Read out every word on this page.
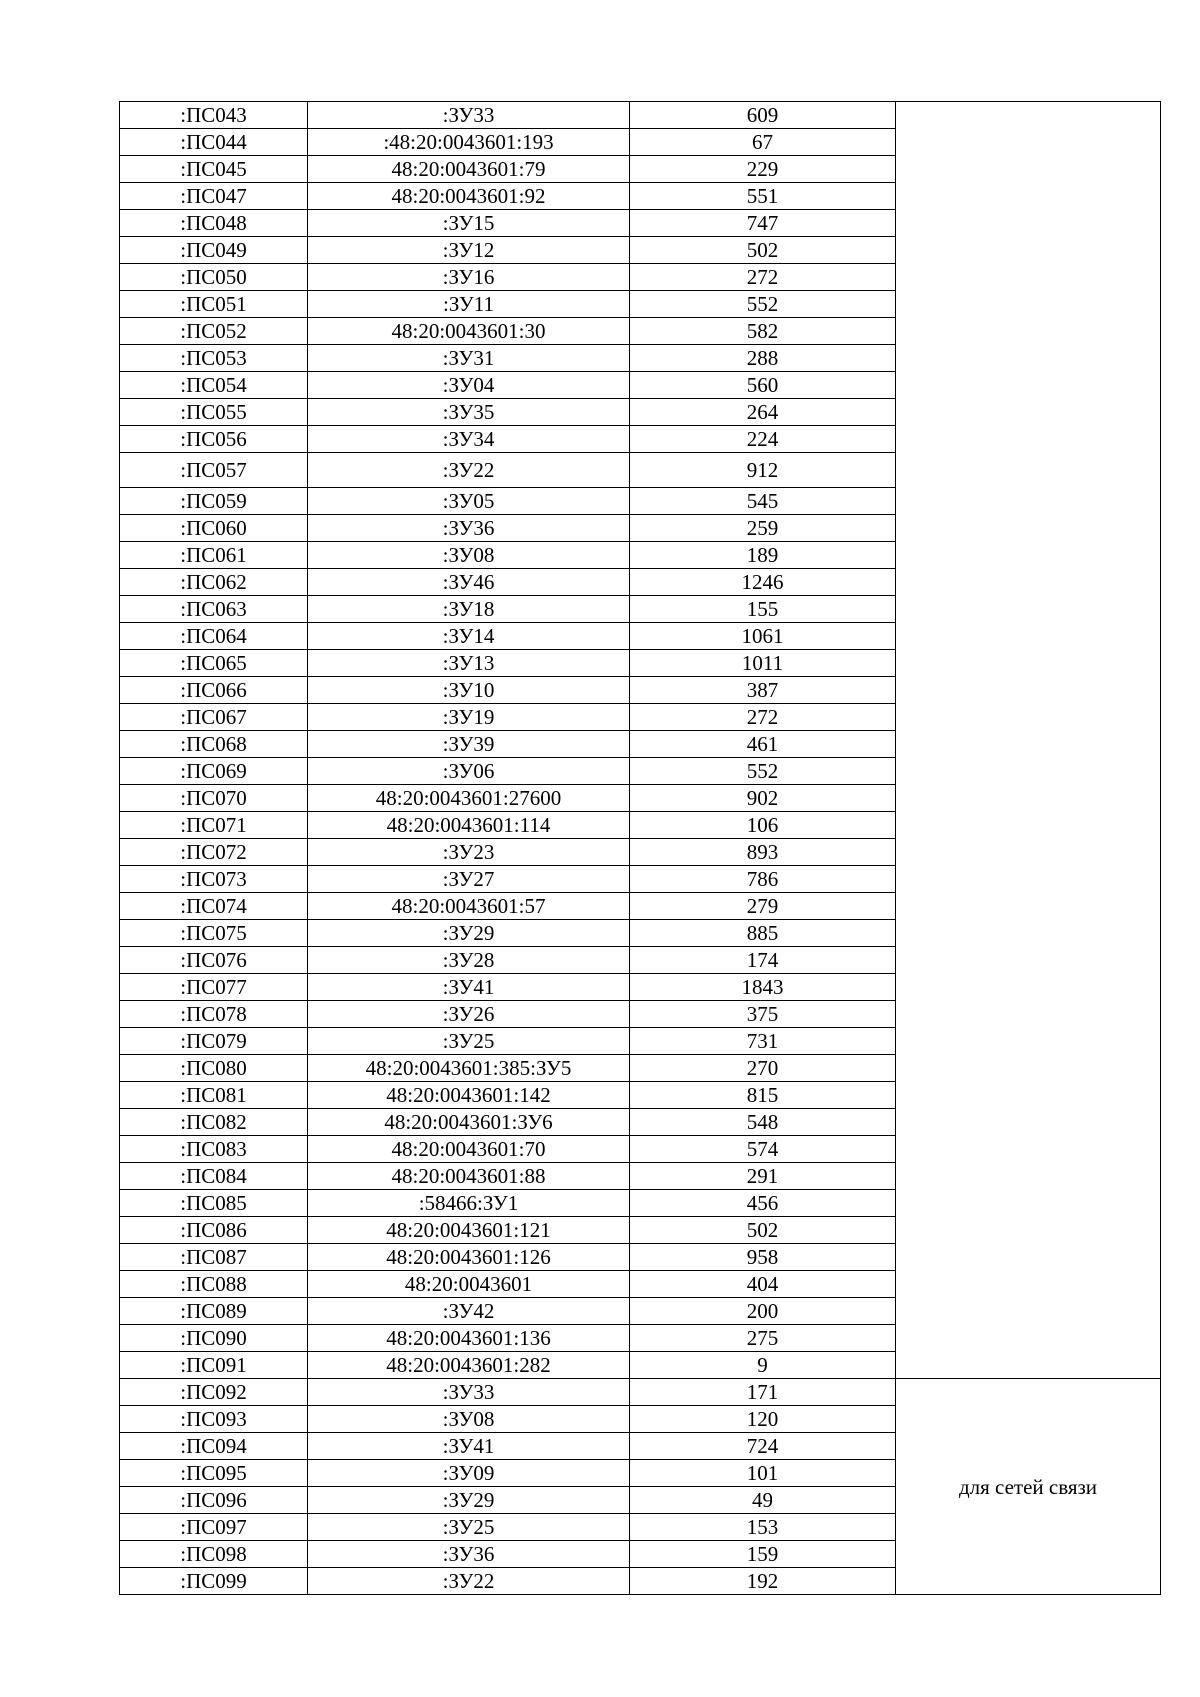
:ПС043	:ЗУ33	609	
:ПС044	:48:20:0043601:193	67	
:ПС045	48:20:0043601:79	229	
:ПС047	48:20:0043601:92	551	
:ПС048	:ЗУ15	747	
:ПС049	:ЗУ12	502	
:ПС050	:ЗУ16	272	
:ПС051	:ЗУ11	552	
:ПС052	48:20:0043601:30	582	
:ПС053	:ЗУ31	288	
:ПС054	:ЗУ04	560	
:ПС055	:ЗУ35	264	
:ПС056	:ЗУ34	224	
:ПС057	:ЗУ22	912	
:ПС059	:ЗУ05	545	
:ПС060	:ЗУ36	259	
:ПС061	:ЗУ08	189	
:ПС062	:ЗУ46	1246	
:ПС063	:ЗУ18	155	
:ПС064	:ЗУ14	1061	
:ПС065	:ЗУ13	1011	
:ПС066	:ЗУ10	387	
:ПС067	:ЗУ19	272	
:ПС068	:ЗУ39	461	
:ПС069	:ЗУ06	552	
:ПС070	48:20:0043601:27600	902	
:ПС071	48:20:0043601:114	106	
:ПС072	:ЗУ23	893	
:ПС073	:ЗУ27	786	
:ПС074	48:20:0043601:57	279	
:ПС075	:ЗУ29	885	
:ПС076	:ЗУ28	174	
:ПС077	:ЗУ41	1843	
:ПС078	:ЗУ26	375	
:ПС079	:ЗУ25	731	
:ПС080	48:20:0043601:385:ЗУ5	270	
:ПС081	48:20:0043601:142	815	
:ПС082	48:20:0043601:ЗУ6	548	
:ПС083	48:20:0043601:70	574	
:ПС084	48:20:0043601:88	291	
:ПС085	:58466:ЗУ1	456	
:ПС086	48:20:0043601:121	502	
:ПС087	48:20:0043601:126	958	
:ПС088	48:20:0043601	404	
:ПС089	:ЗУ42	200	
:ПС090	48:20:0043601:136	275	
:ПС091	48:20:0043601:282	9	
:ПС092	:ЗУ33	171	для сетей связи
:ПС093	:ЗУ08	120	
:ПС094	:ЗУ41	724	
:ПС095	:ЗУ09	101	
:ПС096	:ЗУ29	49	
:ПС097	:ЗУ25	153	
:ПС098	:ЗУ36	159	
:ПС099	:ЗУ22	192	
